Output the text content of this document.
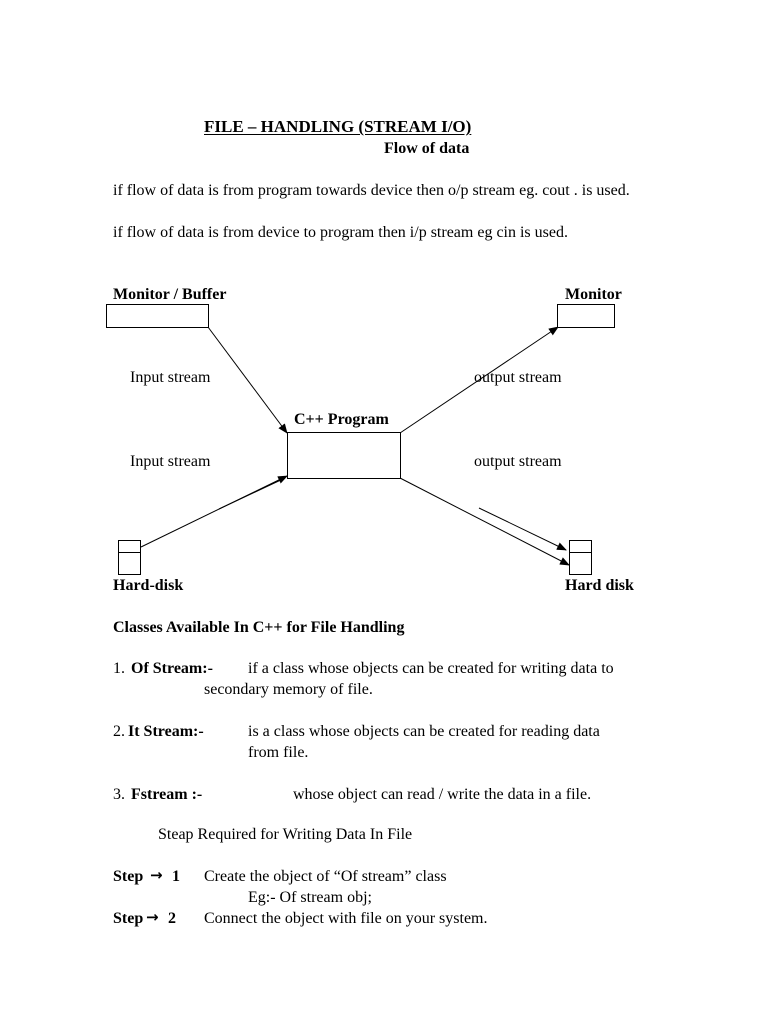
FILE – HANDLING (STREAM I/O)
Flow of data
if flow of data is from program towards device then o/p stream eg. cout . is used.
if flow of data is from device to program then i/p stream eg cin is used.
Monitor / Buffer	Monitor
Input stream	output stream
C++ Program
Input stream	output stream
Hard-disk	Hard disk
Classes Available In C++ for File Handling
1. Of Stream:- if a class whose objects can be created for writing data to
secondary memory of file.
2. It Stream:-	is a class whose objects can be created for reading data
from file.
3. Fstream :-	whose object can read / write the data in a file.
Steap Required for Writing Data In File
Step → 1 Create the object of “Of stream” class
Eg:- Of stream obj;
Step → 2 Connect the object with file on your system.
